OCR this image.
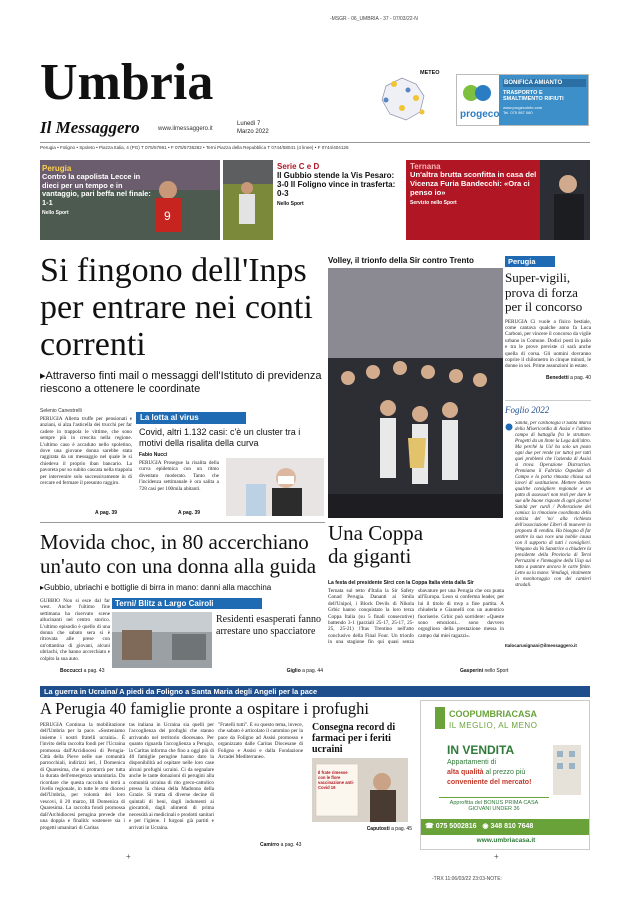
-MSGR - 06_UMBRIA - 37 - 07/03/22-N
Umbria
Il Messaggero	www.ilmessaggero.it
Lunedì 7
Marzo 2022
Perugia • Foligno • Spoleto • Piazza Italia, 4 (PG) T 075/57861 • F 075/5736282 • Terni Piazza della Repubblica T 0744/58041 (4 linee) • F 0744/404126
METEO
progeco
BONIFICA AMIANTO
TRASPORTO E
SMALTIMENTO RIFIUTI
www.progecoinfo.com
Tel. 075 987 060
9
Perugia
Contro la capolista Lecce in dieci per un tempo e in vantaggio, pari beffa nel finale: 1-1
Nello Sport
Serie C e D
Il Gubbio stende la Vis Pesaro: 3-0 Il Foligno vince in trasferta: 0-3
Nello Sport
Ternana
Un'altra brutta sconfitta in casa del Vicenza Furia Bandecchi: «Ora ci penso io»
Servizio nello Sport
Si fingono dell'Inps per entrare nei conti correnti
▸Attraverso finti mail o messaggi dell'Istituto di previdenza riescono a ottenere le coordinate
Selenio Canestrelli
PERUGIA Allerta truffe per pensionati e anziani, si alza l'asticella dei trucchi per far cadere in trappola le vittime, che sono sempre più in crescita nella regione. L'ultimo caso è accaduto nello spoletino, dove una giovane donna sarebbe stata raggirata da un messaggio nel quale le si chiedeva il proprio iban bancario. La pavoreta pur so subito cascata nella trappola per intervenire solo successivamente in di cercare ed fermare il presunto raggiro.
A pag. 39
La lotta al virus
Covid, altri 1.132 casi: c'è un cluster tra i motivi della risalita della curva
Fabio Nucci
PERUGIA Prosegue la risalita della curva epidemica con un ritmo diventato moderato. Tanto che l'incidenza settimanale è ora salita a 728 casi per 100mila abitanti.
A pag. 39
Volley, il trionfo della Sir contro Trento	Perugia
Super-vigili, prova di forza per il concorso
PERUGIA Ci vuole a fisico bestiale, come cantava qualche anno fa Luca Carboni, per vincere il concorso da vigile urbano in Comune. Dodici posti in palio e tra le prove previste ci sarà anche quella di corsa. Gli uomini dovranno coprire il chilometro in cinque minuti, le donne in sei. Prime assunzioni in estate.
Benedetti a pag. 40
Foglio 2022
Sanità, per cardiologia il Santa Maria della Misericordia di Assisi e l'ultimo campo di battaglia fra le strutture. Progetti da un litote la Lega dall'altro. Ma perché la Usl ha solo un posto ogni due per rende (or tutto) per tutti quei problemi che l'azienda di Assisi si trova. Operazione Distraction. Premiamo il Fabrizio Ospedale di Campo e la porta rimasta chiusa sui lavori di sostituzione. Mettere dentro qualche consigliere regionale e un patto di assessori non resti per dare le sue alle buone risposte di ogni giorno! Sanità per curdi / Pollerazione dei camisa: la rimozione coordinata della notizia del 'no' alla richiesta dell'associazione Liberi di muovere la proposta di vendita. Ha bisogno di far sentire la sua voce una nobile causa con il supporto di tutti i consiglieri. Vengano da Va Sanatrice a chiudere la presidente della Provincia di Terni Perruzzini e l'immagine della Uisp sui tutto a puntare ancora le carte finite. Letto su la mano: Vendiagi, vitalmente in monitoraggio con dei cantieri stradali.
Italocarusignani@ilmessaggero.it
Movida choc, in 80 accerchiano un'auto con una donna alla guida
▸Gubbio, ubriachi e bottiglie di birra in mano: danni alla macchina
GUBBIO Non si esce dal far west. Anche l'ultimo fine settimana ha riservato scene allucinanti nel centro storico. L'ultimo episodio è quello di una donna che sabato sera si è ritrovata alle prese con un'ottantina di giovani, alcuni ubriachi, che hanno accerchiato e colpito la sua auto.
Boccucci a pag. 43
Terni/ Blitz a Largo Cairoli
Residenti esasperati fanno arrestare uno spacciatore
Giglio a pag. 44
Una Coppa da giganti
La festa del presidente Sirci con la Coppa Italia vinta dalla Sir
Ternata sul tetto d'Italia la Sir Safety Conad Perugia. Dananti ai Smila dell'Unipol, i Block Devils di Nikola Grbic hanno conquistato la loro terza Coppa Italia (su 5 finali consecutive) battendo 3-1 (parziali 25-17, 25-17, 25-25, 25-21) l'Itas Trentino nell'atto conclusivo della Final Four. Un trionfo in una stagione fin qui quasi senza sbavature per una Perugia che ora punta all'Europa. Leon si conferma leader, per lui il titolo di mvp a fine partita. A chiuderla e Giannelli con un autentico fuoriserie. Grbic può sorridere: «Queste sono emozioni... sono davvero orgoglioso della prestazione messa in campo dai miei ragazzi».
Gasperini nello Sport
La guerra in Ucraina/ A piedi da Foligno a Santa Maria degli Angeli per la pace
A Perugia 40 famiglie pronte a ospitare i profughi
PERUGIA Continua la mobilitazione dell'Umbria per la pace. «Sosteniamo insieme i nostri fratelli ucraini». È l'invito della raccolta fondi per l'Ucraina promossa dall'Arcidiocesi di Perugia-Città della Pieve nelle sue comunità parrocchiali, indirizzi ieri, I Domenica di Quaresima, che si protrarrà per tutta la durata dell'emergenza umanitaria. Da ricordare che questa raccolta si terrà a livello regionale, in tutte le otto diocesi dell'Umbria, per volontà dei loro vescovi, il 20 marzo, III Domenica di Quaresima. La raccolta fondi promossa dall'Archidiocesi perugina prevede che una doppia e finalità: sostenere sia i progetti umanitari di Caritas
tas italiana in Ucraina sia quelli per l'accoglienza dei profughi che stanno arrivando nel territorio diocesano. Per quanto riguarda l'accoglienza a Perugia, la Caritas informa che fino a oggi più di 40 famiglie perugine hanno dato la disponibilità ad ospitare nelle loro case alcuni profughi ucraini. Ci da segnalare anche le tante donazioni di perugini alla comunità ucraina di rito greco-cattolico presso la chiesa della Madonna della Grazie. Si tratta di diverse decine di quintali di beni, dagli indumenti ai giocattoli, dagli alimenti di prima necessità ai medicinali e prodotti sanitari e per l'igiene. I furgoni già partiti e arrivati in Ucraina.
"Fratelli tutti". È su questo tema, invece, che sabato è articolato il cammino per la pace da Foligno ad Assisi promosso e organizzato dalle Caritas Diocesane di Foligno e Assisi e dalla Fondazione Arcadei Mediterraneo.
Camirro a pag. 43
Consegna record di farmaci per i feriti ucraini
Il frate rimesse con le flore vaccinazione anti-Covid 19
Caputosti a pag. 45
COOPUMBRIACASA
IL MEGLIO, AL MENO
IN VENDITA
Appartamenti di
alta qualità al prezzo più
conveniente del mercato!
Approfitta del BONUS PRIMA CASA GIOVANI UNDER 36
☎ 075 5002816 ◉ 348 810 7648
www.umbriacasa.it
+	+
-TRX 11:06/03/22 23:03-NOTE:
